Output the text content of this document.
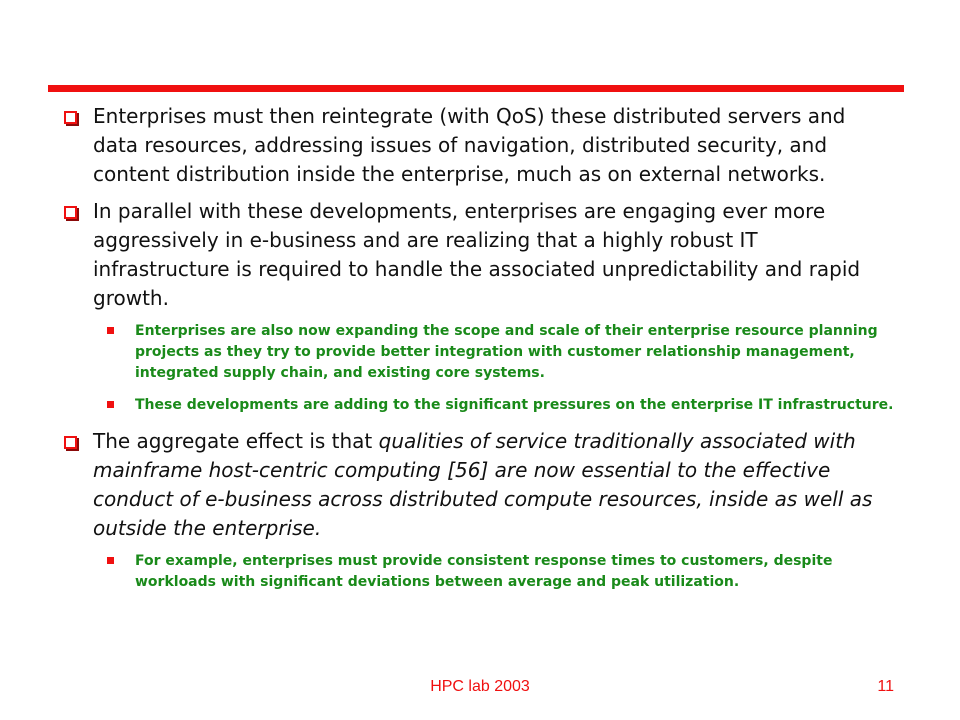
Enterprises must then reintegrate (with QoS) these distributed servers and data resources, addressing issues of navigation, distributed security, and content distribution inside the enterprise, much as on external networks.
In parallel with these developments, enterprises are engaging ever more aggressively in e-business and are realizing that a highly robust IT infrastructure is required to handle the associated unpredictability and rapid growth.
Enterprises are also now expanding the scope and scale of their enterprise resource planning projects as they try to provide better integration with customer relationship management, integrated supply chain, and existing core systems.
These developments are adding to the significant pressures on the enterprise IT infrastructure.
The aggregate effect is that qualities of service traditionally associated with mainframe host-centric computing [56] are now essential to the effective conduct of e-business across distributed compute resources, inside as well as outside the enterprise.
For example, enterprises must provide consistent response times to customers, despite workloads with significant deviations between average and peak utilization.
HPC lab 2003	11
